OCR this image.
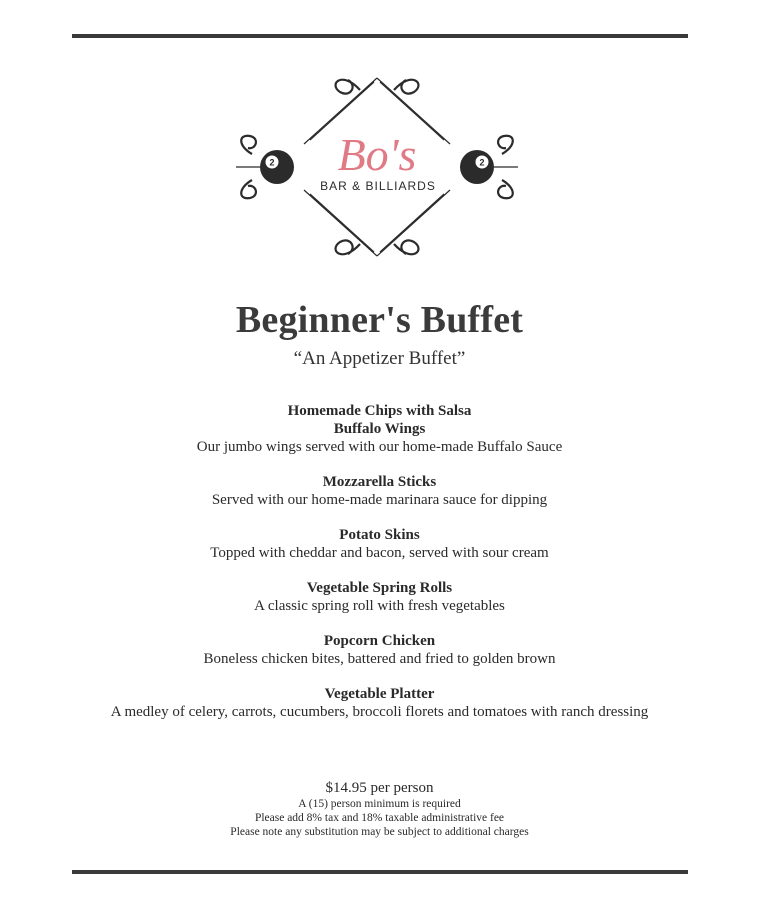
2	2
Bo's
BAR & BILLIARDS
Beginner's Buffet
“An Appetizer Buffet”
Homemade Chips with Salsa
Buffalo Wings
Our jumbo wings served with our home-made Buffalo Sauce
Mozzarella Sticks
Served with our home-made marinara sauce for dipping
Potato Skins
Topped with cheddar and bacon, served with sour cream
Vegetable Spring Rolls
A classic spring roll with fresh vegetables
Popcorn Chicken
Boneless chicken bites, battered and fried to golden brown
Vegetable Platter
A medley of celery, carrots, cucumbers, broccoli florets and tomatoes with ranch dressing
$14.95 per person
A (15) person minimum is required
Please add 8% tax and 18% taxable administrative fee
Please note any substitution may be subject to additional charges
